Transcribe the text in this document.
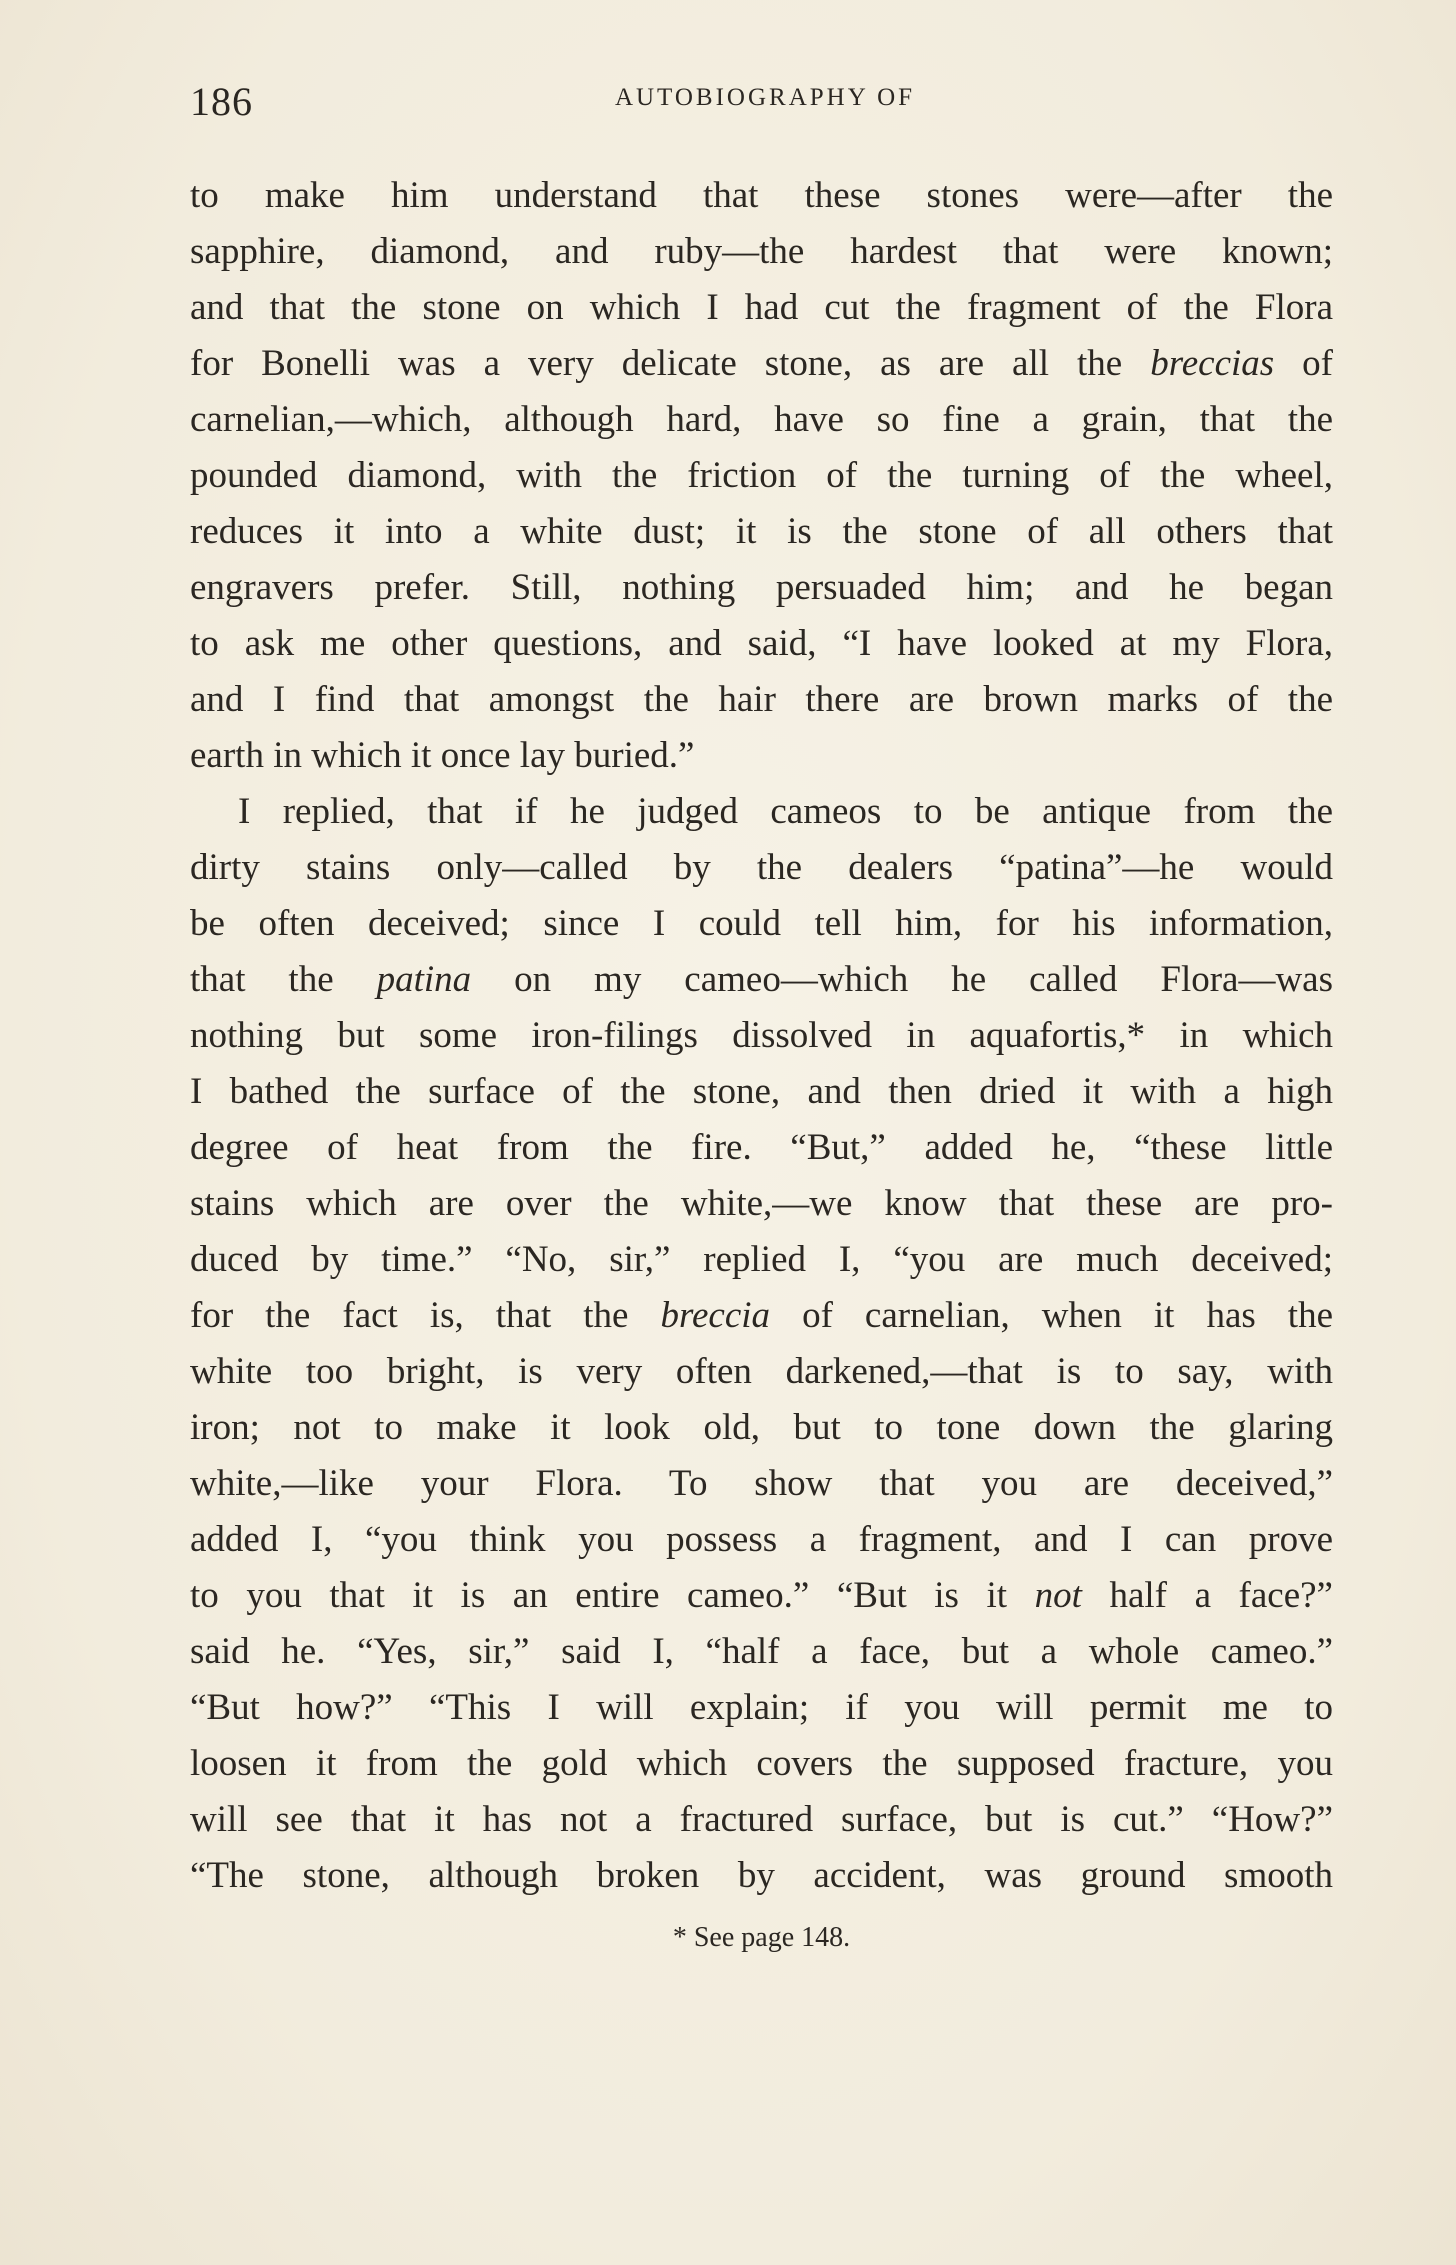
186	AUTOBIOGRAPHY OF
to make him understand that these stones were—after the
sapphire, diamond, and ruby—the hardest that were known;
and that the stone on which I had cut the fragment of the Flora
for Bonelli was a very delicate stone, as are all the breccias of
carnelian,—which, although hard, have so fine a grain, that the
pounded diamond, with the friction of the turning of the wheel,
reduces it into a white dust; it is the stone of all others that
engravers prefer. Still, nothing persuaded him; and he began
to ask me other questions, and said, “I have looked at my Flora,
and I find that amongst the hair there are brown marks of the
earth in which it once lay buried.”
I replied, that if he judged cameos to be antique from the
dirty stains only—called by the dealers “patina”—he would
be often deceived; since I could tell him, for his information,
that the patina on my cameo—which he called Flora—was
nothing but some iron-filings dissolved in aquafortis,* in which
I bathed the surface of the stone, and then dried it with a high
degree of heat from the fire. “But,” added he, “these little
stains which are over the white,—we know that these are pro-
duced by time.” “No, sir,” replied I, “you are much deceived;
for the fact is, that the breccia of carnelian, when it has the
white too bright, is very often darkened,—that is to say, with
iron; not to make it look old, but to tone down the glaring
white,—like your Flora. To show that you are deceived,”
added I, “you think you possess a fragment, and I can prove
to you that it is an entire cameo.” “But is it not half a face?”
said he. “Yes, sir,” said I, “half a face, but a whole cameo.”
“But how?” “This I will explain; if you will permit me to
loosen it from the gold which covers the supposed fracture, you
will see that it has not a fractured surface, but is cut.” “How?”
“The stone, although broken by accident, was ground smooth
* See page 148.
